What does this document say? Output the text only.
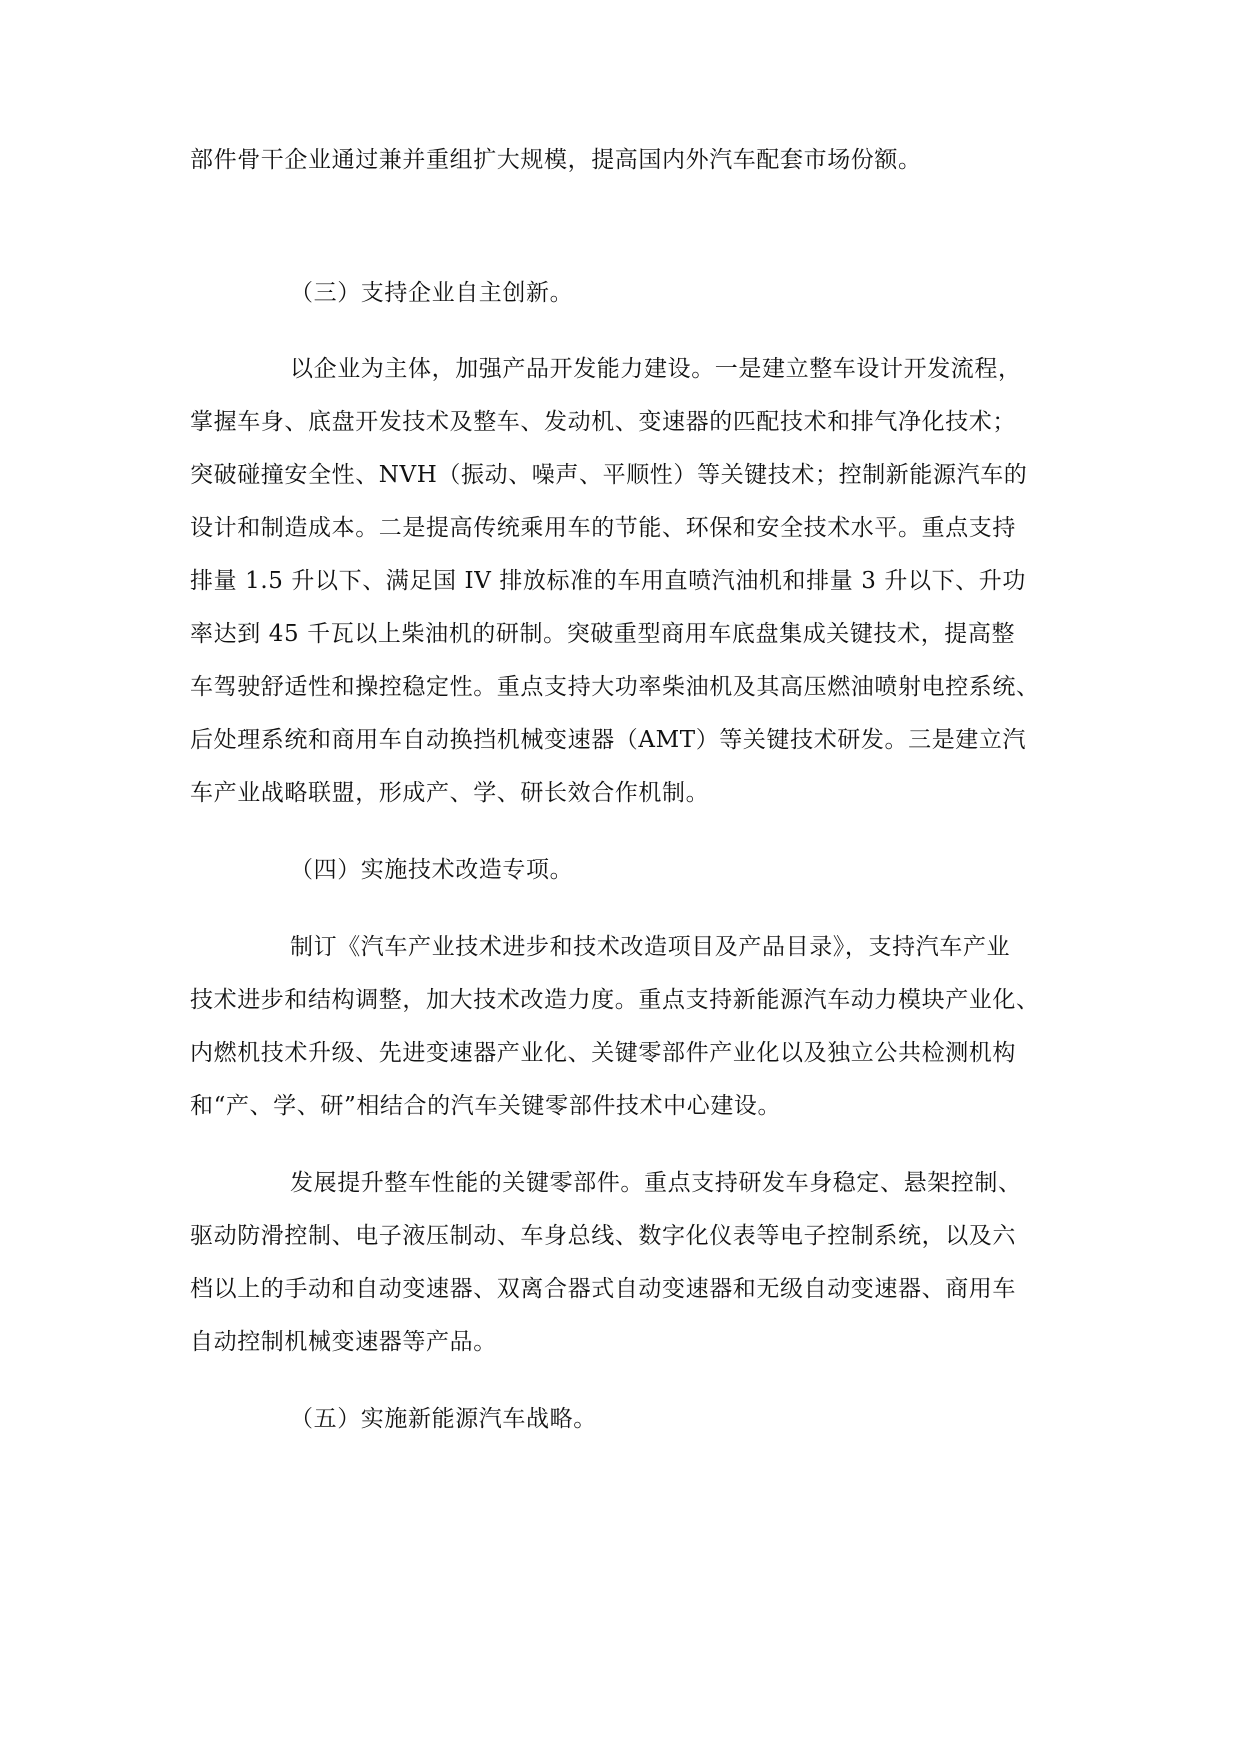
部件骨干企业通过兼并重组扩大规模，提高国内外汽车配套市场份额。
（三）支持企业自主创新。
以企业为主体，加强产品开发能力建设。一是建立整车设计开发流程，
掌握车身、底盘开发技术及整车、发动机、变速器的匹配技术和排气净化技术；
突破碰撞安全性、NVH（振动、噪声、平顺性）等关键技术；控制新能源汽车的
设计和制造成本。二是提高传统乘用车的节能、环保和安全技术水平。重点支持
排量 1.5 升以下、满足国 IV 排放标准的车用直喷汽油机和排量 3 升以下、升功
率达到 45 千瓦以上柴油机的研制。突破重型商用车底盘集成关键技术，提高整
车驾驶舒适性和操控稳定性。重点支持大功率柴油机及其高压燃油喷射电控系统、
后处理系统和商用车自动换挡机械变速器（AMT）等关键技术研发。三是建立汽
车产业战略联盟，形成产、学、研长效合作机制。
（四）实施技术改造专项。
制订《汽车产业技术进步和技术改造项目及产品目录》，支持汽车产业
技术进步和结构调整，加大技术改造力度。重点支持新能源汽车动力模块产业化、
内燃机技术升级、先进变速器产业化、关键零部件产业化以及独立公共检测机构
和“产、学、研”相结合的汽车关键零部件技术中心建设。
发展提升整车性能的关键零部件。重点支持研发车身稳定、悬架控制、
驱动防滑控制、电子液压制动、车身总线、数字化仪表等电子控制系统，以及六
档以上的手动和自动变速器、双离合器式自动变速器和无级自动变速器、商用车
自动控制机械变速器等产品。
（五）实施新能源汽车战略。
